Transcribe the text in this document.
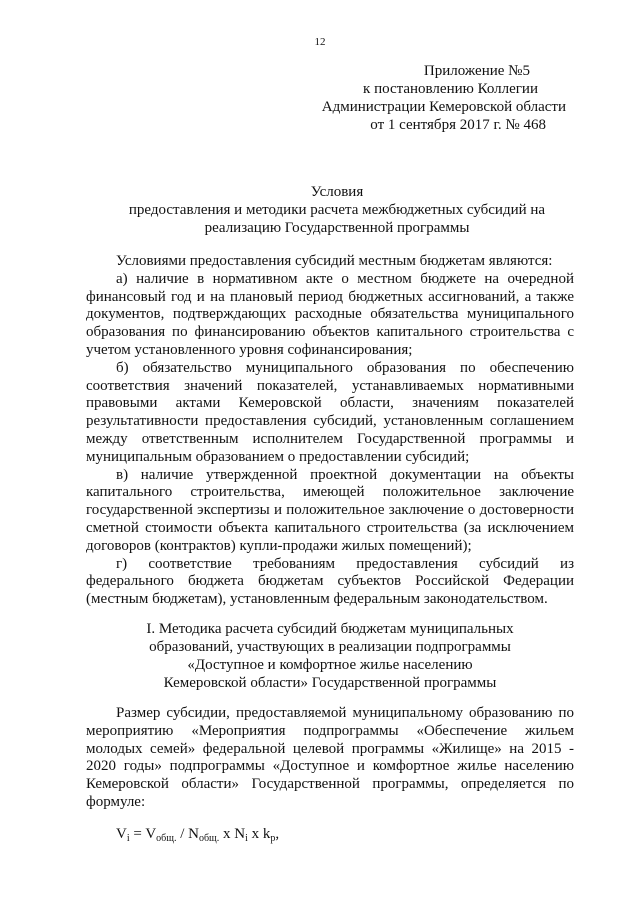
12
Приложение №5
к постановлению Коллегии
Администрации Кемеровской области
от 1 сентября 2017 г. № 468
Условия
предоставления и методики расчета межбюджетных субсидий на
реализацию Государственной программы

Условиями предоставления субсидий местным бюджетам являются:

а) наличие в нормативном акте о местном бюджете на очередной финансовый год и на плановый период бюджетных ассигнований, а также документов, подтверждающих расходные обязательства муниципального образования по финансированию объектов капитального строительства с учетом установленного уровня софинансирования;

б) обязательство муниципального образования по обеспечению соответствия значений показателей, устанавливаемых нормативными правовыми актами Кемеровской области, значениям показателей результативности предоставления субсидий, установленным соглашением между ответственным исполнителем Государственной программы и муниципальным образованием о предоставлении субсидий;

в) наличие утвержденной проектной документации на объекты капитального строительства, имеющей положительное заключение государственной экспертизы и положительное заключение о достоверности сметной стоимости объекта капитального строительства (за исключением договоров (контрактов) купли-продажи жилых помещений);

г) соответствие требованиям предоставления субсидий из федерального бюджета бюджетам субъектов Российской Федерации (местным бюджетам), установленным федеральным законодательством.

I. Методика расчета субсидий бюджетам муниципальных
образований, участвующих в реализации подпрограммы
«Доступное и комфортное жилье населению
Кемеровской области» Государственной программы

Размер субсидии, предоставляемой муниципальному образованию по мероприятию «Мероприятия подпрограммы «Обеспечение жильем молодых семей» федеральной целевой программы «Жилище» на 2015 - 2020 годы» подпрограммы «Доступное и комфортное жилье населению Кемеровской области» Государственной программы, определяется по формуле:

$V_i = V_{общ.} / N_{общ.}$ x $N_i$ x $k_p$,
